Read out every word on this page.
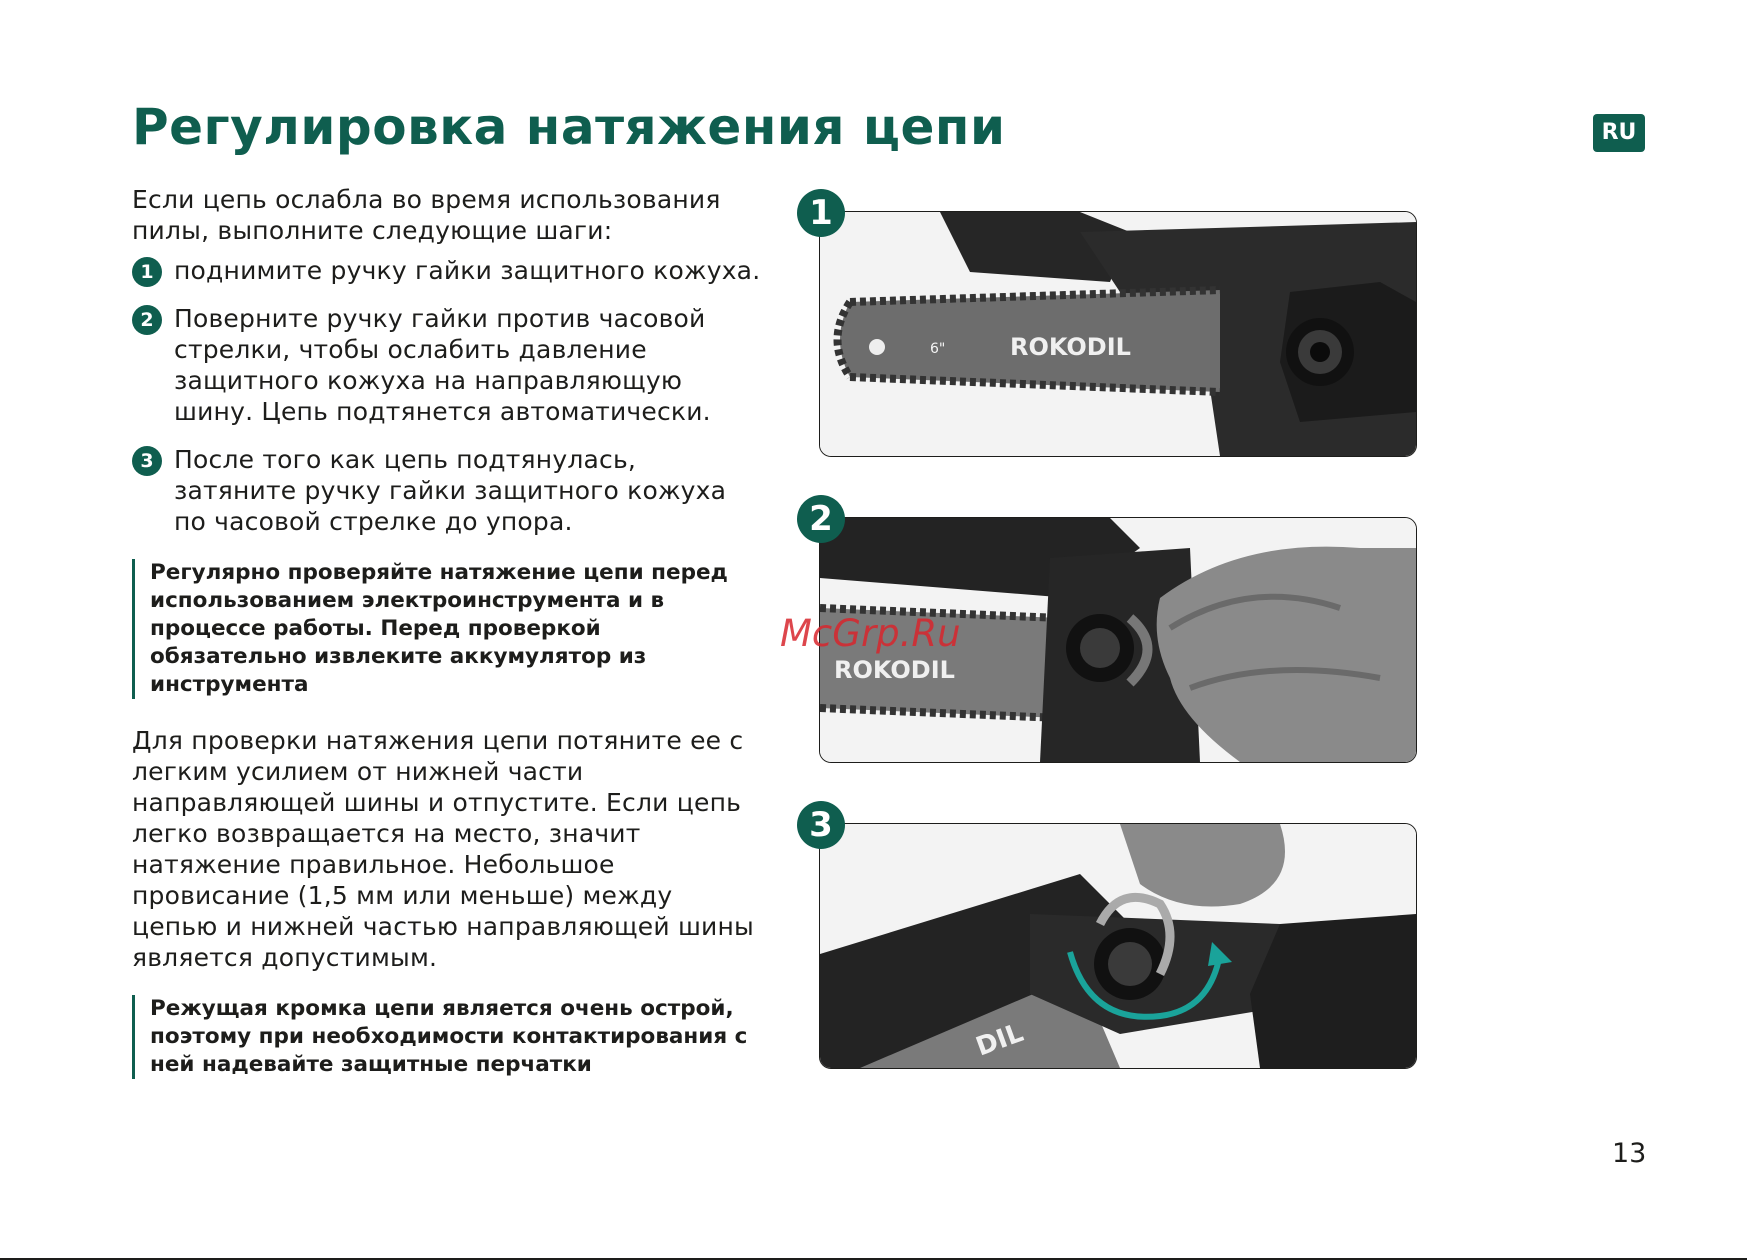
Регулировка натяжения цепи	RU

Если цепь ослабла во время использования пилы, выполните следующие шаги:

1 поднимите ручку гайки защитного кожуха.

2 Поверните ручку гайки против часовой стрелки, чтобы ослабить давление защитного кожуха на направляющую шину. Цепь подтянется автоматически.

3 После того как цепь подтянулась, затяните ручку гайки защитного кожуха по часовой стрелке до упора.

Регулярно проверяйте натяжение цепи перед использованием электроинструмента и в процессе работы. Перед проверкой обязательно извлеките аккумулятор из инструмента

Для проверки натяжения цепи потяните ее с легким усилием от нижней части направляющей шины и отпустите. Если цепь легко возвращается на место, значит натяжение правильное. Небольшое провисание (1,5 мм или меньше) между цепью и нижней частью направляющей шины является допустимым.

Режущая кромка цепи является очень острой, поэтому при необходимости контактирования с ней надевайте защитные перчатки

1
6"	ROKODIL
2
ROKODIL
3
DIL
McGrp.Ru
13
